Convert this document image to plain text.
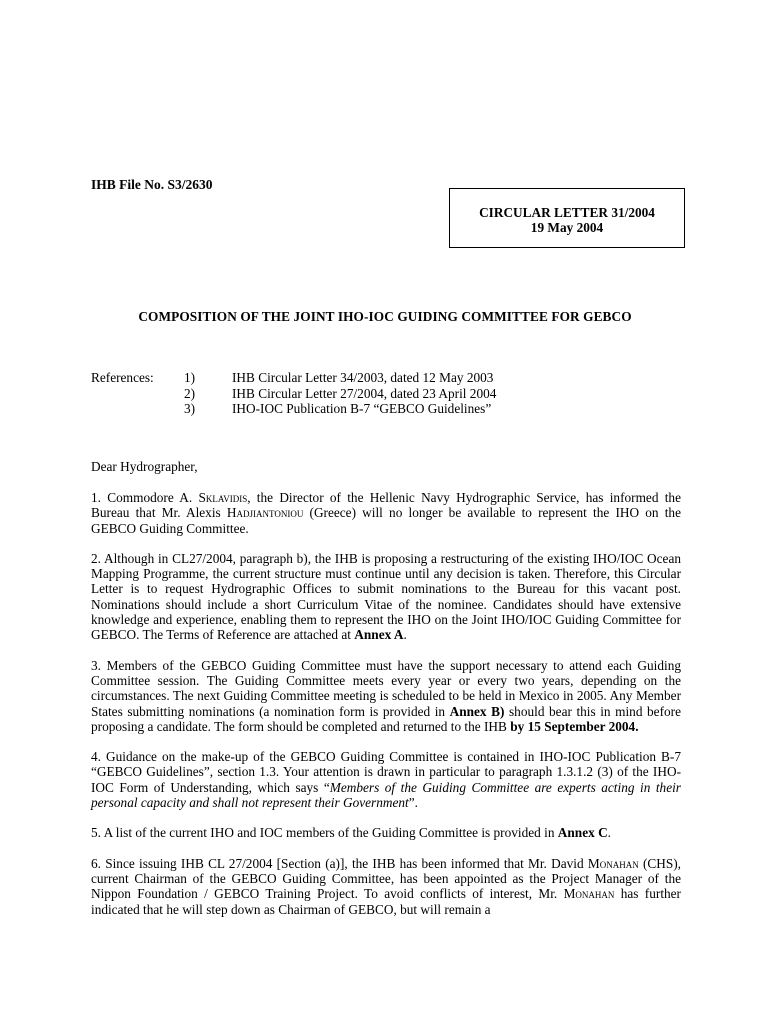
IHB File No. S3/2630
CIRCULAR LETTER 31/2004
19 May 2004
COMPOSITION OF THE JOINT IHO-IOC GUIDING COMMITTEE FOR GEBCO
References: 1)	IHB Circular Letter 34/2003, dated 12 May 2003
2)	IHB Circular Letter 27/2004, dated 23 April 2004
3)	IHO-IOC Publication B-7 “GEBCO Guidelines”
Dear Hydrographer,

1. Commodore A. Sklavidis, the Director of the Hellenic Navy Hydrographic Service, has informed the Bureau that Mr. Alexis Hadjiantoniou (Greece) will no longer be available to represent the IHO on the GEBCO Guiding Committee.

2. Although in CL27/2004, paragraph b), the IHB is proposing a restructuring of the existing IHO/IOC Ocean Mapping Programme, the current structure must continue until any decision is taken. Therefore, this Circular Letter is to request Hydrographic Offices to submit nominations to the Bureau for this vacant post. Nominations should include a short Curriculum Vitae of the nominee. Candidates should have extensive knowledge and experience, enabling them to represent the IHO on the Joint IHO/IOC Guiding Committee for GEBCO. The Terms of Reference are attached at Annex A.

3. Members of the GEBCO Guiding Committee must have the support necessary to attend each Guiding Committee session. The Guiding Committee meets every year or every two years, depending on the circumstances. The next Guiding Committee meeting is scheduled to be held in Mexico in 2005. Any Member States submitting nominations (a nomination form is provided in Annex B) should bear this in mind before proposing a candidate. The form should be completed and returned to the IHB by 15 September 2004.

4. Guidance on the make-up of the GEBCO Guiding Committee is contained in IHO-IOC Publication B-7 “GEBCO Guidelines”, section 1.3. Your attention is drawn in particular to paragraph 1.3.1.2 (3) of the IHO-IOC Form of Understanding, which says “Members of the Guiding Committee are experts acting in their personal capacity and shall not represent their Government”.

5. A list of the current IHO and IOC members of the Guiding Committee is provided in Annex C.

6. Since issuing IHB CL 27/2004 [Section (a)], the IHB has been informed that Mr. David Monahan (CHS), current Chairman of the GEBCO Guiding Committee, has been appointed as the Project Manager of the Nippon Foundation / GEBCO Training Project. To avoid conflicts of interest, Mr. Monahan has further indicated that he will step down as Chairman of GEBCO, but will remain a
